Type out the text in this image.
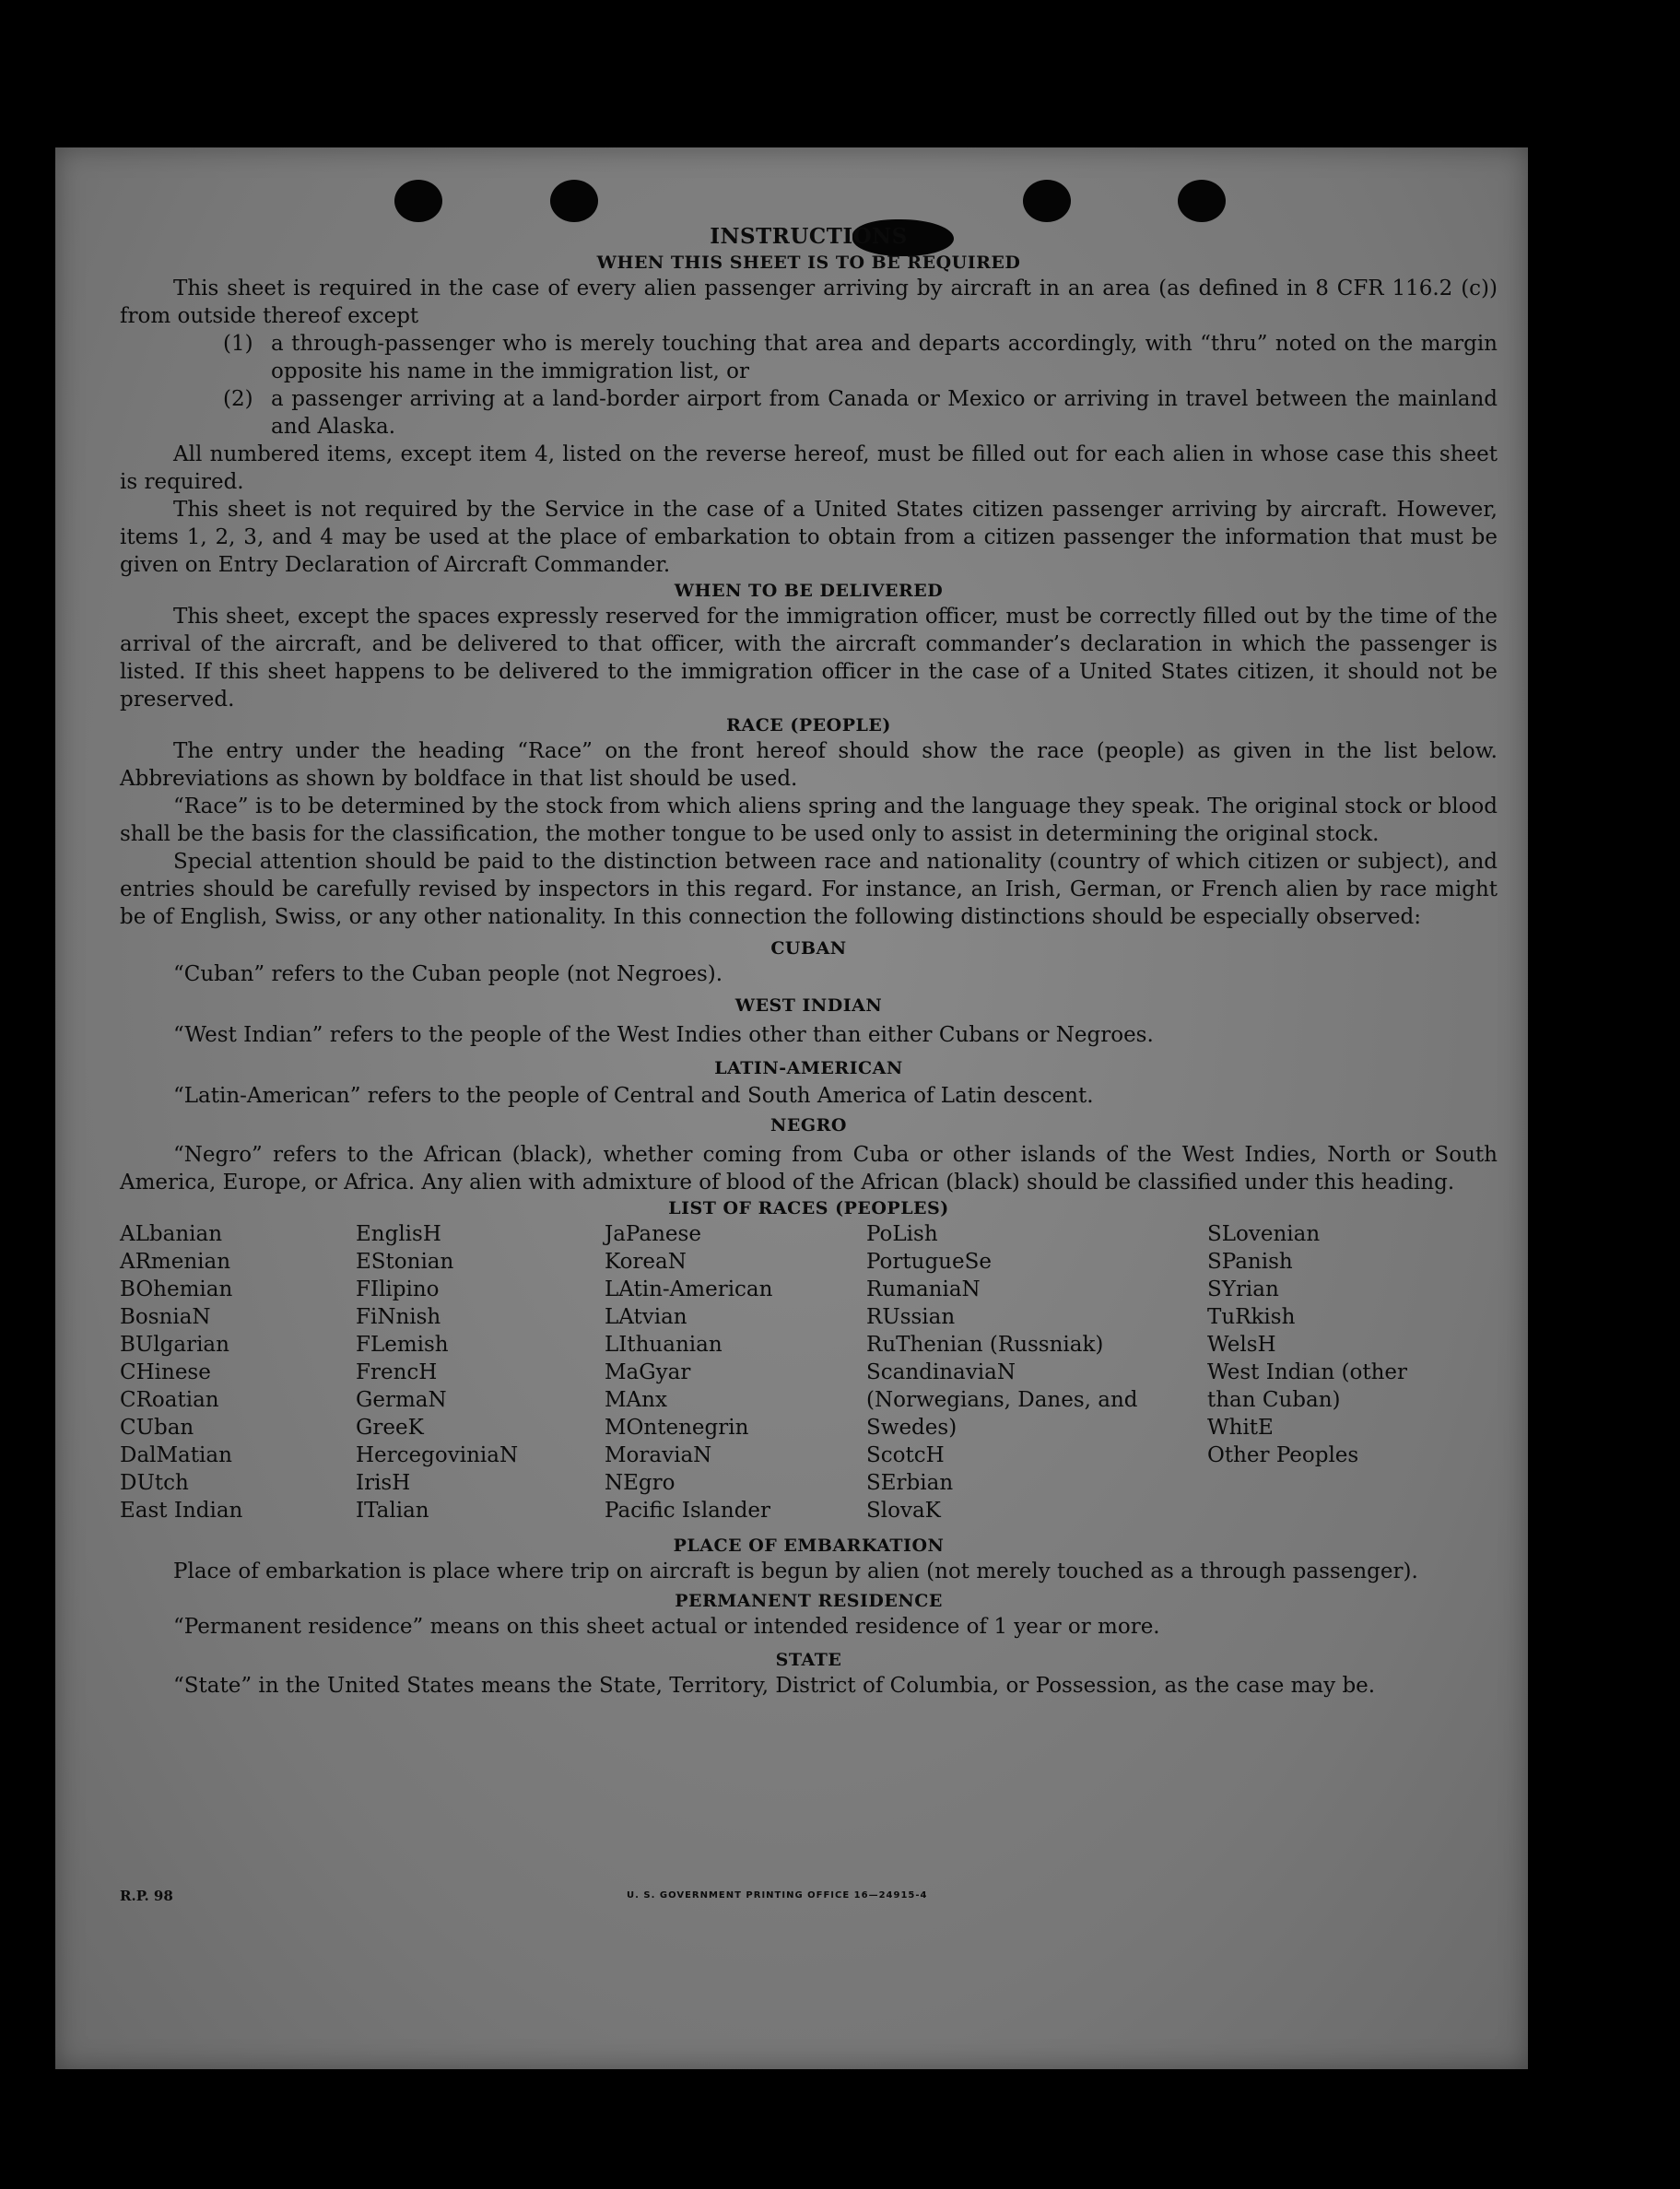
INSTRUCTIONS
WHEN THIS SHEET IS TO BE REQUIRED

This sheet is required in the case of every alien passenger arriving by aircraft in an area (as defined in 8 CFR 116.2 (c)) from outside thereof except

(1) a through-passenger who is merely touching that area and departs accordingly, with “thru” noted on the margin opposite his name in the immigration list, or
(2) a passenger arriving at a land-border airport from Canada or Mexico or arriving in travel between the mainland and Alaska.

All numbered items, except item 4, listed on the reverse hereof, must be filled out for each alien in whose case this sheet is required.

This sheet is not required by the Service in the case of a United States citizen passenger arriving by aircraft. However, items 1, 2, 3, and 4 may be used at the place of embarkation to obtain from a citizen passenger the information that must be given on Entry Declaration of Aircraft Commander.

WHEN TO BE DELIVERED

This sheet, except the spaces expressly reserved for the immigration officer, must be correctly filled out by the time of the arrival of the aircraft, and be delivered to that officer, with the aircraft commander’s declaration in which the passenger is listed. If this sheet happens to be delivered to the immigration officer in the case of a United States citizen, it should not be preserved.

RACE (PEOPLE)

The entry under the heading “Race” on the front hereof should show the race (people) as given in the list below. Abbreviations as shown by boldface in that list should be used.

“Race” is to be determined by the stock from which aliens spring and the language they speak. The original stock or blood shall be the basis for the classification, the mother tongue to be used only to assist in determining the original stock.

Special attention should be paid to the distinction between race and nationality (country of which citizen or subject), and entries should be carefully revised by inspectors in this regard. For instance, an Irish, German, or French alien by race might be of English, Swiss, or any other nationality. In this connection the following distinctions should be especially observed:

CUBAN

“Cuban” refers to the Cuban people (not Negroes).

WEST INDIAN

“West Indian” refers to the people of the West Indies other than either Cubans or Negroes.

LATIN-AMERICAN

“Latin-American” refers to the people of Central and South America of Latin descent.

NEGRO

“Negro” refers to the African (black), whether coming from Cuba or other islands of the West Indies, North or South America, Europe, or Africa. Any alien with admixture of blood of the African (black) should be classified under this heading.

LIST OF RACES (PEOPLES)
ALbanian
ARmenian
BOhemian
BosniaN
BUlgarian
CHinese
CRoatian
CUban
DalMatian
DUtch
East Indian
EnglisH
EStonian
FIlipino
FiNnish
FLemish
FrencH
GermaN
GreeK
HercegoviniaN
IrisH
ITalian
JaPanese
KoreaN
LAtin-American
LAtvian
LIthuanian
MaGyar
MAnx
MOntenegrin
MoraviaN
NEgro
Pacific Islander
PoLish
PortugueSe
RumaniaN
RUssian
RuThenian (Russniak)
ScandinaviaN (Norwegians, Danes, and Swedes)
ScotcH
SErbian
SlovaK
SLovenian
SPanish
SYrian
TuRkish
WelsH
West Indian (other than Cuban)
WhitE
Other Peoples
PLACE OF EMBARKATION

Place of embarkation is place where trip on aircraft is begun by alien (not merely touched as a through passenger).

PERMANENT RESIDENCE

“Permanent residence” means on this sheet actual or intended residence of 1 year or more.

STATE

“State” in the United States means the State, Territory, District of Columbia, or Possession, as the case may be.

R.P. 98	U. S. GOVERNMENT PRINTING OFFICE 16—24915-4
